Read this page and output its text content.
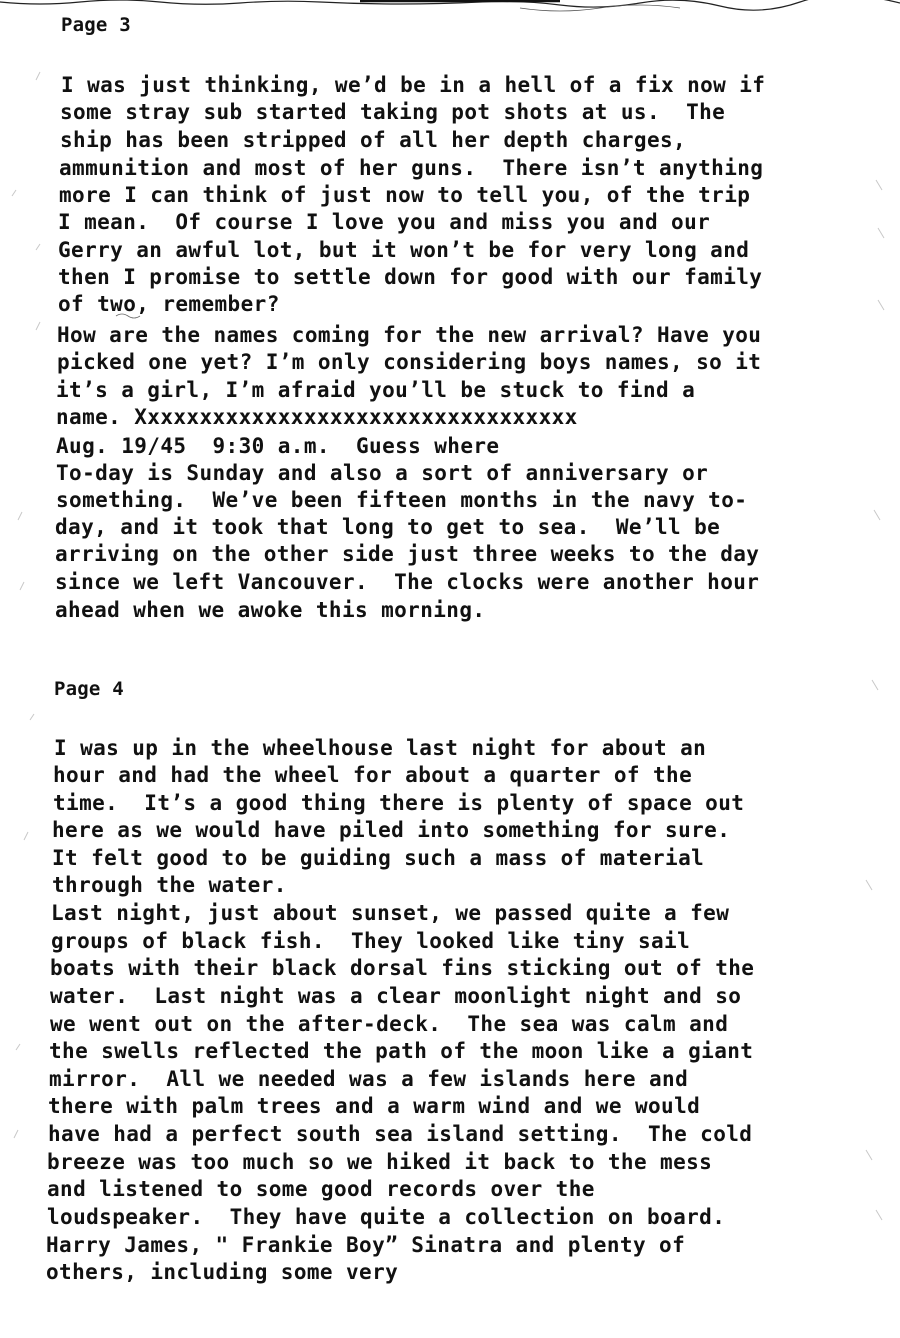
Page 3
I was just thinking, we’d be in a hell of a fix now if
some stray sub started taking pot shots at us.  The
ship has been stripped of all her depth charges,
ammunition and most of her guns.  There isn’t anything
more I can think of just now to tell you, of the trip
I mean.  Of course I love you and miss you and our
Gerry an awful lot, but it won’t be for very long and
then I promise to settle down for good with our family
of two, remember?
How are the names coming for the new arrival? Have you
picked one yet? I’m only considering boys names, so it
it’s a girl, I’m afraid you’ll be stuck to find a
name. Xxxxxxxxxxxxxxxxxxxxxxxxxxxxxxxxxx
Aug. 19/45  9:30 a.m.  Guess where
To-day is Sunday and also a sort of anniversary or
something.  We’ve been fifteen months in the navy to-
day, and it took that long to get to sea.  We’ll be
arriving on the other side just three weeks to the day
since we left Vancouver.  The clocks were another hour
ahead when we awoke this morning.
Page 4
I was up in the wheelhouse last night for about an
hour and had the wheel for about a quarter of the
time.  It’s a good thing there is plenty of space out
here as we would have piled into something for sure.
It felt good to be guiding such a mass of material
through the water.
Last night, just about sunset, we passed quite a few
groups of black fish.  They looked like tiny sail
boats with their black dorsal fins sticking out of the
water.  Last night was a clear moonlight night and so
we went out on the after-deck.  The sea was calm and
the swells reflected the path of the moon like a giant
mirror.  All we needed was a few islands here and
there with palm trees and a warm wind and we would
have had a perfect south sea island setting.  The cold
breeze was too much so we hiked it back to the mess
and listened to some good records over the
loudspeaker.  They have quite a collection on board.
Harry James, " Frankie Boy” Sinatra and plenty of
others, including some very
